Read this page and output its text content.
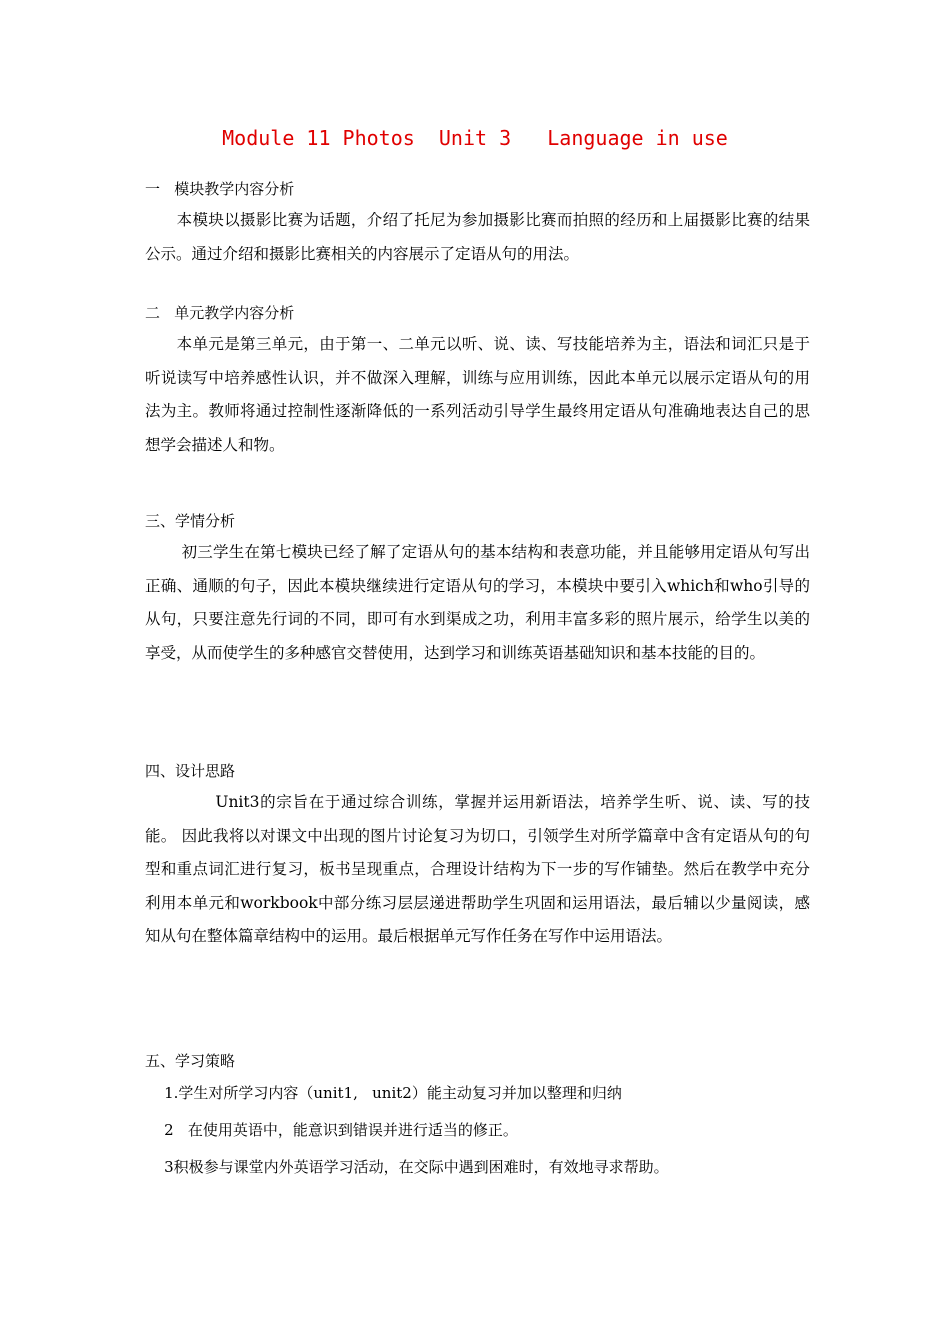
Module 11 Photos  Unit 3   Language in use
一   模块教学内容分析
　　本模块以摄影比赛为话题，介绍了托尼为参加摄影比赛而拍照的经历和上届摄影比赛的结果公示。通过介绍和摄影比赛相关的内容展示了定语从句的用法。
二   单元教学内容分析
　　本单元是第三单元，由于第一、二单元以听、说、读、写技能培养为主，语法和词汇只是于听说读写中培养感性认识，并不做深入理解，训练与应用训练，因此本单元以展示定语从句的用法为主。教师将通过控制性逐渐降低的一系列活动引导学生最终用定语从句准确地表达自己的思想学会描述人和物。
三、学情分析
　　 初三学生在第七模块已经了解了定语从句的基本结构和表意功能，并且能够用定语从句写出正确、通顺的句子，因此本模块继续进行定语从句的学习，本模块中要引入which和who引导的从句，只要注意先行词的不同，即可有水到渠成之功，利用丰富多彩的照片展示，给学生以美的享受，从而使学生的多种感官交替使用，达到学习和训练英语基础知识和基本技能的目的。
四、设计思路
　　　　 Unit3的宗旨在于通过综合训练，掌握并运用新语法，培养学生听、说、读、写的技能。 因此我将以对课文中出现的图片讨论复习为切口，引领学生对所学篇章中含有定语从句的句型和重点词汇进行复习，板书呈现重点，合理设计结构为下一步的写作铺垫。然后在教学中充分利用本单元和workbook中部分练习层层递进帮助学生巩固和运用语法，最后辅以少量阅读，感知从句在整体篇章结构中的运用。最后根据单元写作任务在写作中运用语法。
五、学习策略
1.学生对所学习内容（unit1,   unit2）能主动复习并加以整理和归纳
2   在使用英语中，能意识到错误并进行适当的修正。
3积极参与课堂内外英语学习活动，在交际中遇到困难时，有效地寻求帮助。
